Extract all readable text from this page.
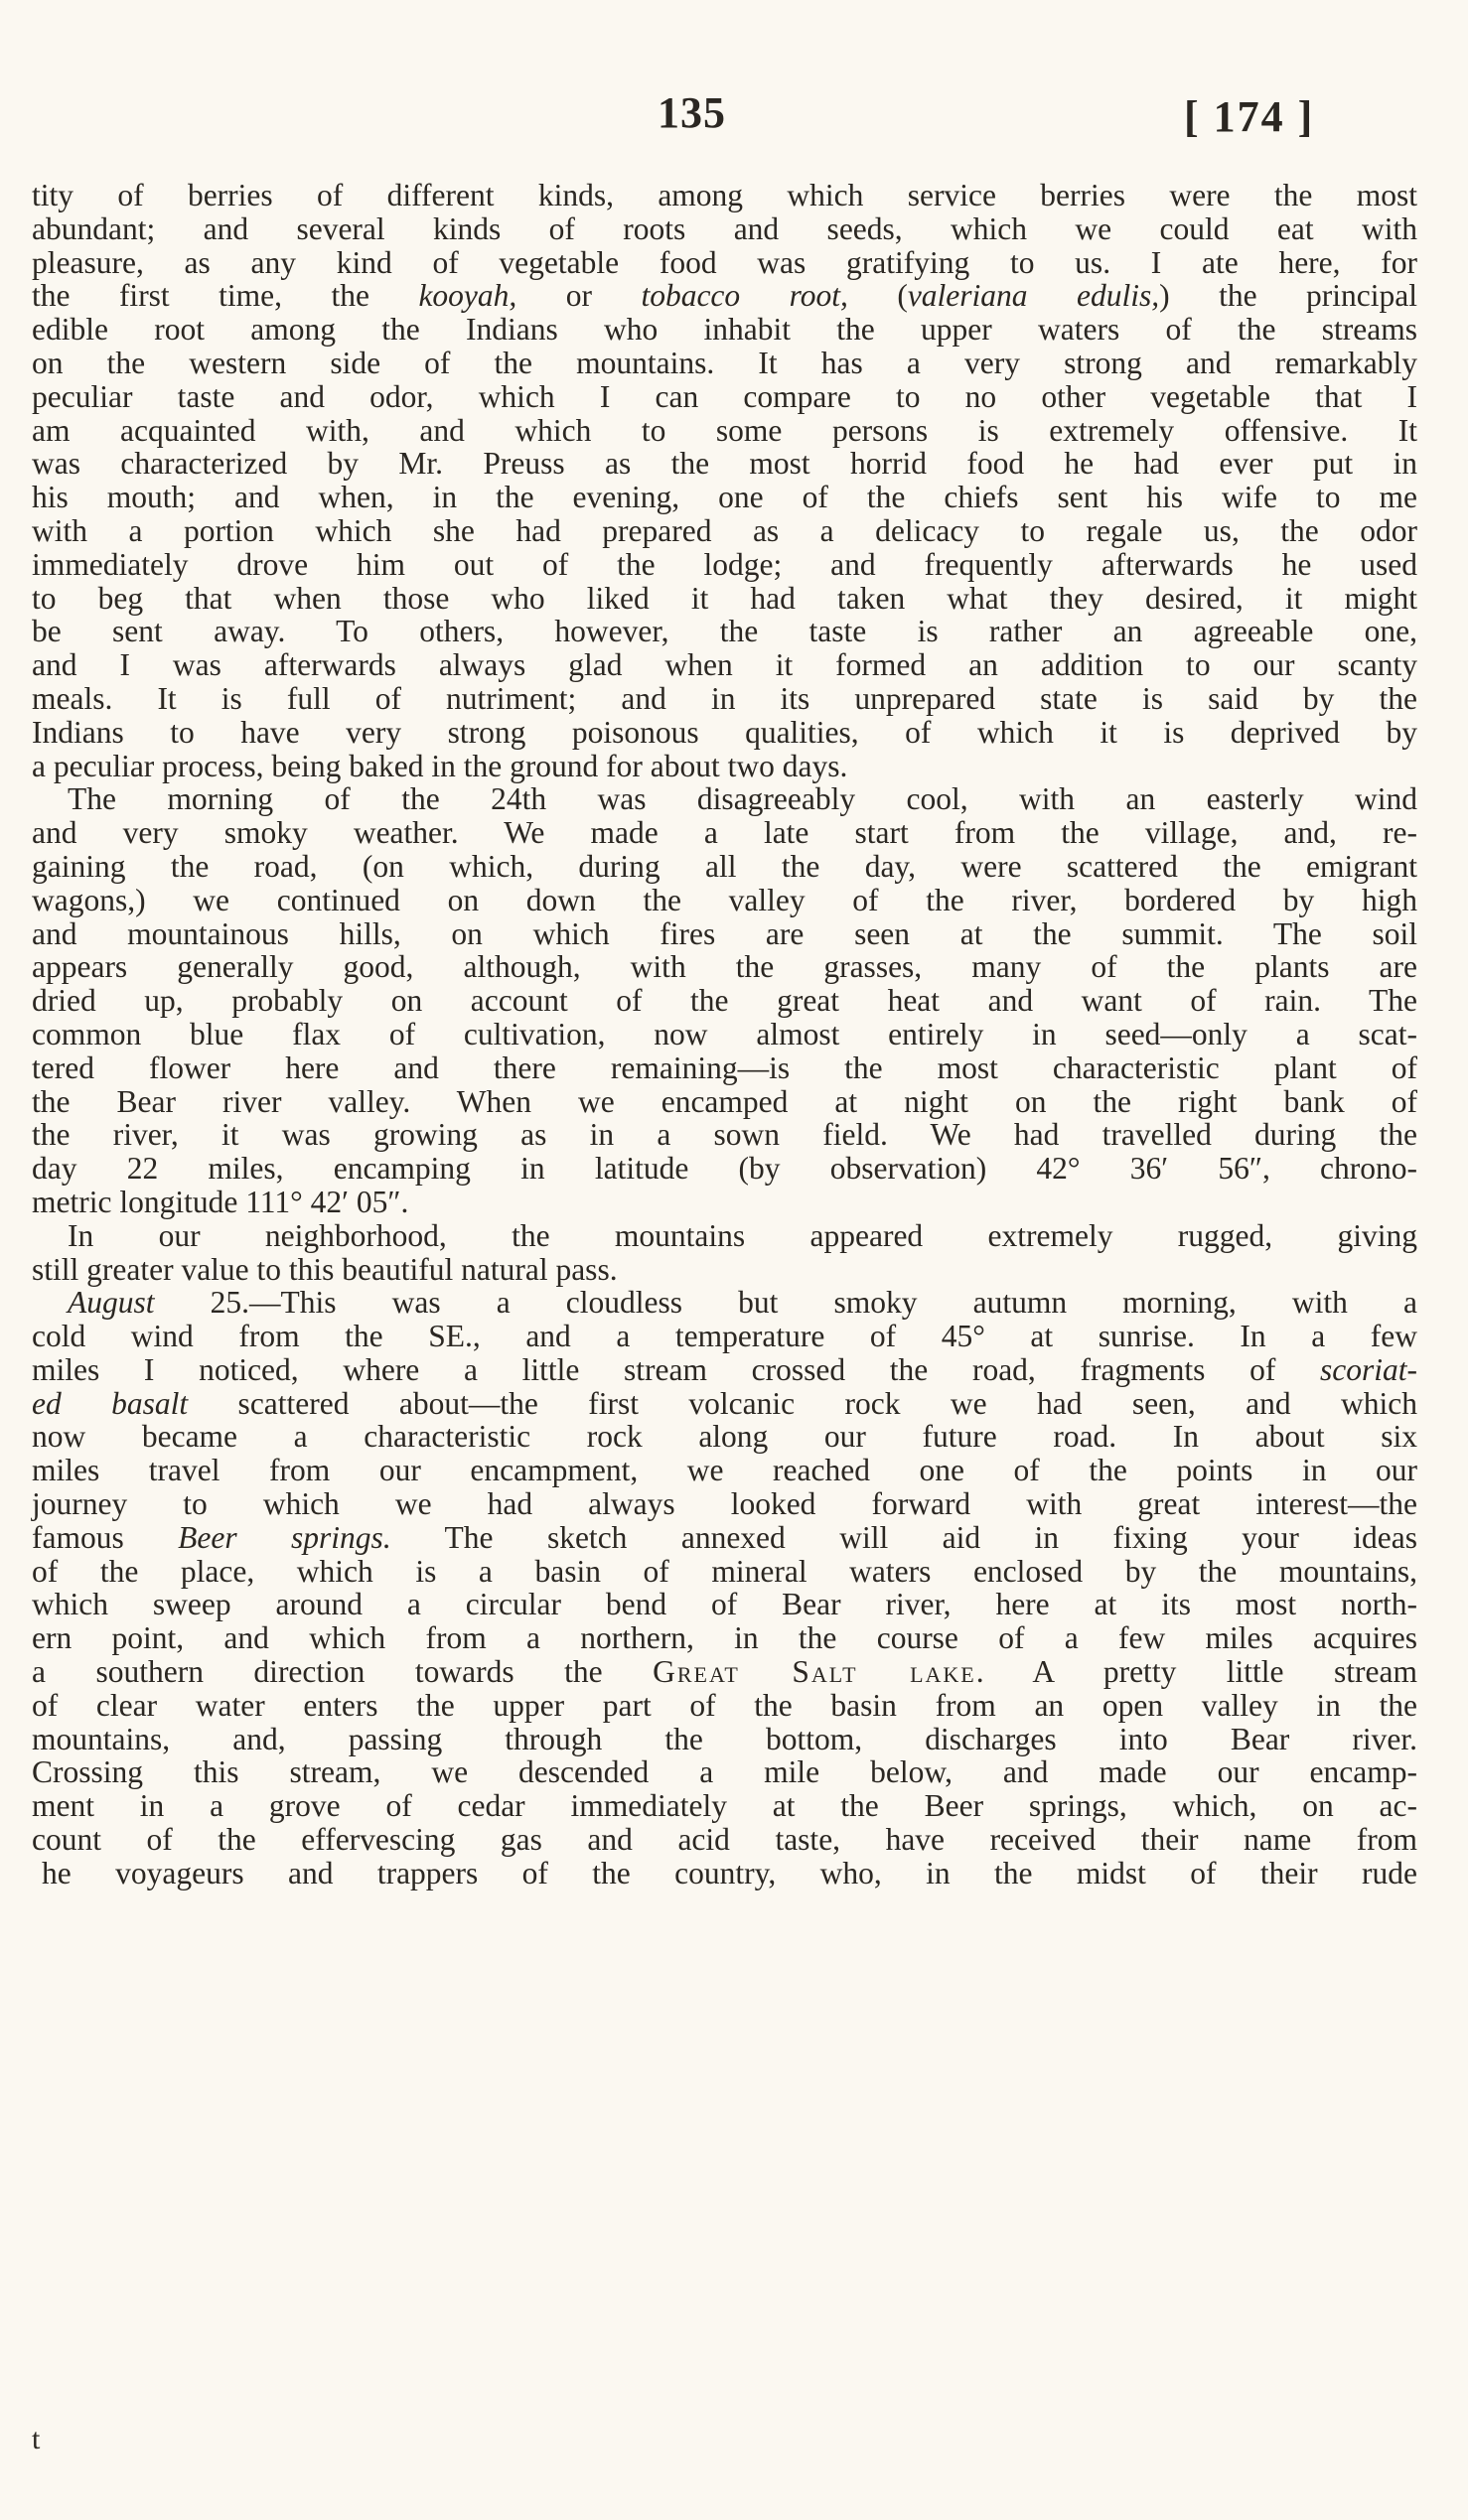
135	[ 174 ]
tity of berries of different kinds, among which service berries were the most
abundant; and several kinds of roots and seeds, which we could eat with
pleasure, as any kind of vegetable food was gratifying to us. I ate here, for
the first time, the kooyah, or tobacco root, (valeriana edulis,) the principal
edible root among the Indians who inhabit the upper waters of the streams
on the western side of the mountains. It has a very strong and remarkably
peculiar taste and odor, which I can compare to no other vegetable that I
am acquainted with, and which to some persons is extremely offensive. It
was characterized by Mr. Preuss as the most horrid food he had ever put in
his mouth; and when, in the evening, one of the chiefs sent his wife to me
with a portion which she had prepared as a delicacy to regale us, the odor
immediately drove him out of the lodge; and frequently afterwards he used
to beg that when those who liked it had taken what they desired, it might
be sent away. To others, however, the taste is rather an agreeable one,
and I was afterwards always glad when it formed an addition to our scanty
meals. It is full of nutriment; and in its unprepared state is said by the
Indians to have very strong poisonous qualities, of which it is deprived by
a peculiar process, being baked in the ground for about two days.
The morning of the 24th was disagreeably cool, with an easterly wind
and very smoky weather. We made a late start from the village, and, re-
gaining the road, (on which, during all the day, were scattered the emigrant
wagons,) we continued on down the valley of the river, bordered by high
and mountainous hills, on which fires are seen at the summit. The soil
appears generally good, although, with the grasses, many of the plants are
dried up, probably on account of the great heat and want of rain. The
common blue flax of cultivation, now almost entirely in seed—only a scat-
tered flower here and there remaining—is the most characteristic plant of
the Bear river valley. When we encamped at night on the right bank of
the river, it was growing as in a sown field. We had travelled during the
day 22 miles, encamping in latitude (by observation) 42° 36′ 56″, chrono-
metric longitude 111° 42′ 05″.
In our neighborhood, the mountains appeared extremely rugged, giving
still greater value to this beautiful natural pass.
August 25.—This was a cloudless but smoky autumn morning, with a
cold wind from the SE., and a temperature of 45° at sunrise. In a few
miles I noticed, where a little stream crossed the road, fragments of scoriat-
ed basalt scattered about—the first volcanic rock we had seen, and which
now became a characteristic rock along our future road. In about six
miles travel from our encampment, we reached one of the points in our
journey to which we had always looked forward with great interest—the
famous Beer springs. The sketch annexed will aid in fixing your ideas
of the place, which is a basin of mineral waters enclosed by the mountains,
which sweep around a circular bend of Bear river, here at its most north-
ern point, and which from a northern, in the course of a few miles acquires
a southern direction towards the Great Salt lake. A pretty little stream
of clear water enters the upper part of the basin from an open valley in the
mountains, and, passing through the bottom, discharges into Bear river.
Crossing this stream, we descended a mile below, and made our encamp-
ment in a grove of cedar immediately at the Beer springs, which, on ac-
count of the effervescing gas and acid taste, have received their name from
he voyageurs and trappers of the country, who, in the midst of their rude
t
